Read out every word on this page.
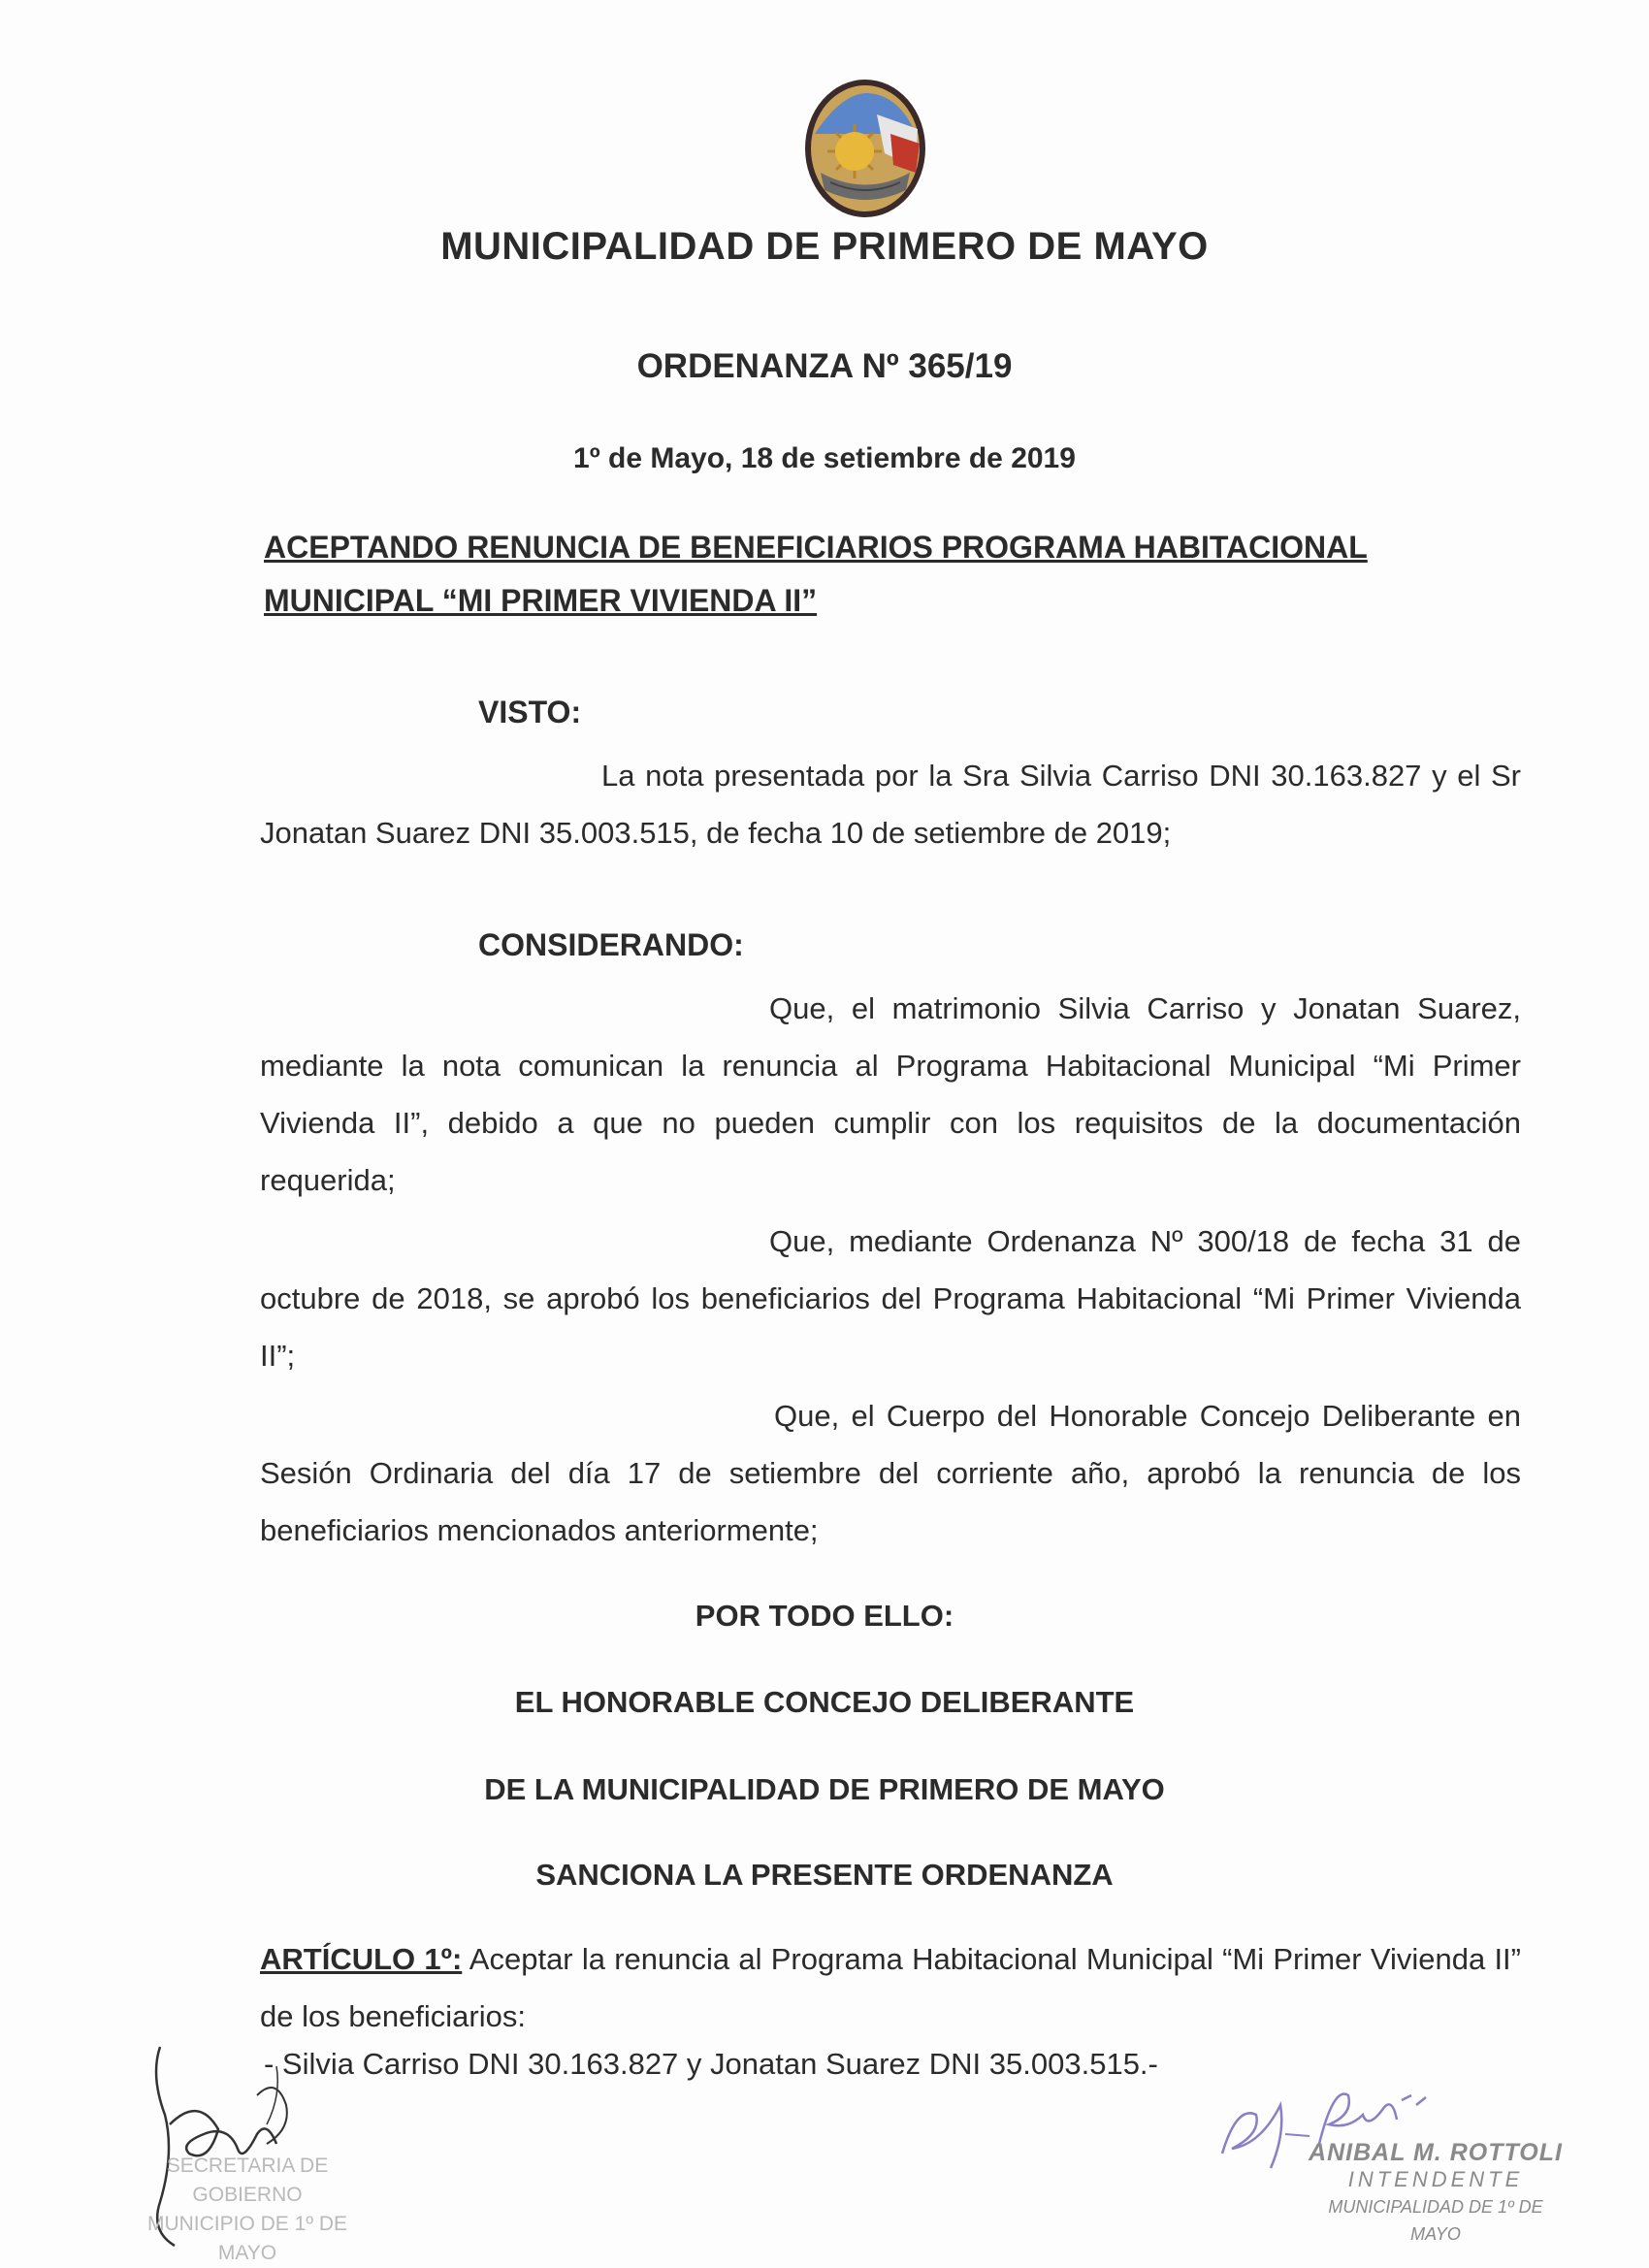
MUNICIPALIDAD DE PRIMERO DE MAYO
ORDENANZA Nº 365/19
1º de Mayo, 18 de setiembre de 2019
ACEPTANDO RENUNCIA DE BENEFICIARIOS PROGRAMA HABITACIONAL
MUNICIPAL “MI PRIMER VIVIENDA II”
VISTO:
La nota presentada por la Sra Silvia Carriso DNI 30.163.827 y el Sr Jonatan Suarez DNI 35.003.515, de fecha 10 de setiembre de 2019;
CONSIDERANDO:
Que, el matrimonio Silvia Carriso y Jonatan Suarez, mediante la nota comunican la renuncia al Programa Habitacional Municipal “Mi Primer Vivienda II”, debido a que no pueden cumplir con los requisitos de la documentación requerida;
Que, mediante Ordenanza Nº 300/18 de fecha 31 de octubre de 2018, se aprobó los beneficiarios del Programa Habitacional “Mi Primer Vivienda II”;
Que, el Cuerpo del Honorable Concejo Deliberante en Sesión Ordinaria del día 17 de setiembre del corriente año, aprobó la renuncia de los beneficiarios mencionados anteriormente;
POR TODO ELLO:
EL HONORABLE CONCEJO DELIBERANTE
DE LA MUNICIPALIDAD DE PRIMERO DE MAYO
SANCIONA LA PRESENTE ORDENANZA
ARTÍCULO 1º: Aceptar la renuncia al Programa Habitacional Municipal “Mi Primer Vivienda II” de los beneficiarios:
- Silvia Carriso DNI 30.163.827 y Jonatan Suarez DNI 35.003.515.-
SECRETARIA DE GOBIERNO
MUNICIPIO DE 1º DE MAYO
ANIBAL M. ROTTOLI
INTENDENTE
MUNICIPALIDAD DE 1º DE MAYO
